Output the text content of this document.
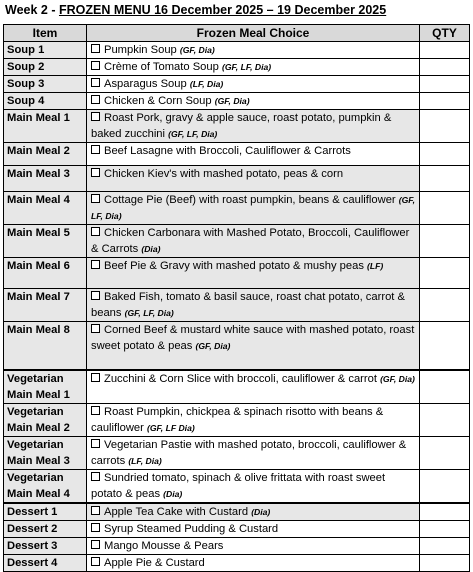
Week 2 - FROZEN MENU 16 December 2025 – 19 December 2025
Item	Frozen Meal Choice	QTY
Soup 1	Pumpkin Soup (GF, Dia)	
Soup 2	Crème of Tomato Soup (GF, LF, Dia)	
Soup 3	Asparagus Soup (LF, Dia)	
Soup 4	Chicken & Corn Soup (GF, Dia)	
Main Meal 1	Roast Pork, gravy & apple sauce, roast potato, pumpkin & baked zucchini (GF, LF, Dia)	
Main Meal 2	Beef Lasagne with Broccoli, Cauliflower & Carrots	
Main Meal 3	Chicken Kiev's with mashed potato, peas & corn	
Main Meal 4	Cottage Pie (Beef) with roast pumpkin, beans & cauliflower (GF, LF, Dia)	
Main Meal 5	Chicken Carbonara with Mashed Potato, Broccoli, Cauliflower & Carrots (Dia)	
Main Meal 6	Beef Pie & Gravy with mashed potato & mushy peas (LF)	
Main Meal 7	Baked Fish, tomato & basil sauce, roast chat potato, carrot & beans (GF, LF, Dia)	
Main Meal 8	Corned Beef & mustard white sauce with mashed potato, roast sweet potato & peas (GF, Dia)	
Vegetarian Main Meal 1	Zucchini & Corn Slice with broccoli, cauliflower & carrot (GF, Dia)	
Vegetarian Main Meal 2	Roast Pumpkin, chickpea & spinach risotto with beans & cauliflower (GF, LF Dia)	
Vegetarian Main Meal 3	Vegetarian Pastie with mashed potato, broccoli, cauliflower & carrots (LF, Dia)	
Vegetarian Main Meal 4	Sundried tomato, spinach & olive frittata with roast sweet potato & peas (Dia)	
Dessert 1	Apple Tea Cake with Custard (Dia)	
Dessert 2	Syrup Steamed Pudding & Custard	
Dessert 3	Mango Mousse & Pears	
Dessert 4	Apple Pie & Custard	
